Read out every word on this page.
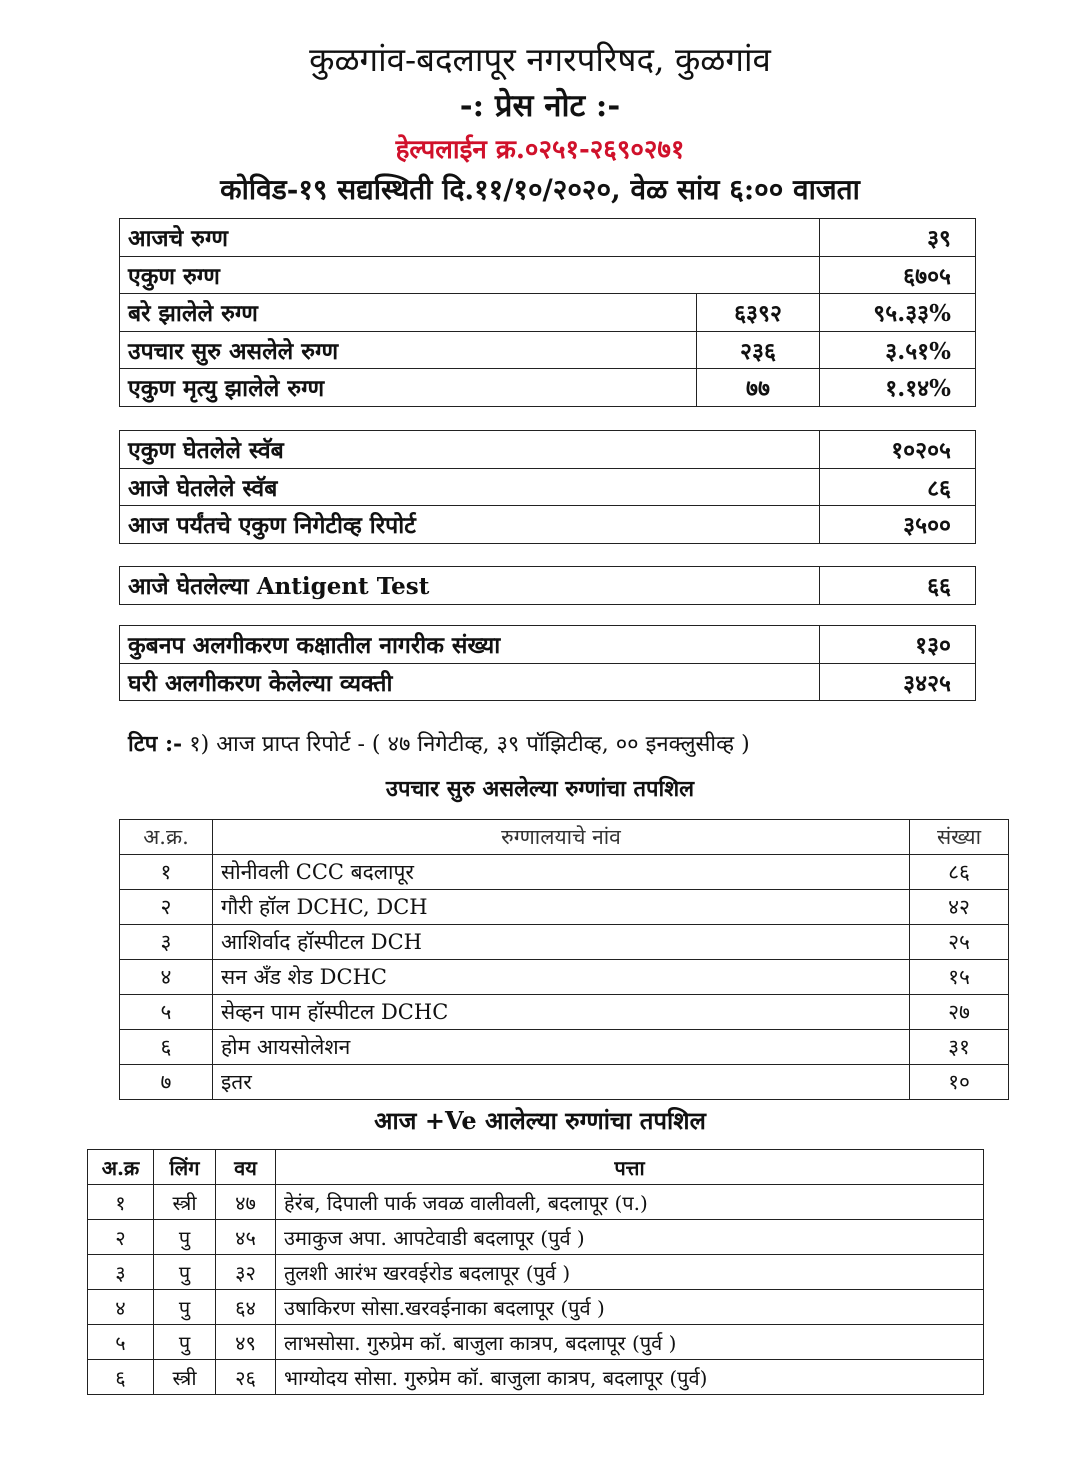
कुळगांव-बदलापूर नगरपरिषद, कुळगांव
-: प्रेस नोट :-
हेल्पलाईन क्र.०२५१-२६९०२७१
कोविड-१९ सद्यस्थिती दि.११/१०/२०२०, वेळ सांय ६:०० वाजता
आजचे रुग्ण		३९
एकुण रुग्ण		६७०५
बरे झालेले रुग्ण	६३९२	९५.३३%
उपचार सुरु असलेले रुग्ण	२३६	३.५१%
एकुण मृत्यु झालेले रुग्ण	७७	१.१४%
एकुण घेतलेले स्वॅब	१०२०५
आजे घेतलेले स्वॅब	८६
आज पर्यंतचे एकुण निगेटीव्ह रिपोर्ट	३५००
आजे घेतलेल्या Antigent Test	६६
कुबनप अलगीकरण कक्षातील नागरीक संख्या	१३०
घरी अलगीकरण केलेल्या व्यक्ती	३४२५
टिप :- १) आज प्राप्त रिपोर्ट - ( ४७ निगेटीव्ह, ३९ पॉझिटीव्ह, ०० इनक्लुसीव्ह )
उपचार सुरु असलेल्या रुग्णांचा तपशिल
अ.क्र.	रुग्णालयाचे नांव	संख्या
१	सोनीवली CCC बदलापूर	८६
२	गौरी हॉल DCHC, DCH	४२
३	आशिर्वाद हॉस्पीटल DCH	२५
४	सन अँड शेड DCHC	१५
५	सेव्हन पाम हॉस्पीटल DCHC	२७
६	होम आयसोलेशन	३१
७	इतर	१०
आज +Ve आलेल्या रुग्णांचा तपशिल
अ.क्र	लिंग	वय	पत्ता
१	स्त्री	४७	हेरंब, दिपाली पार्क जवळ वालीवली, बदलापूर (प.)
२	पु	४५	उमाकुज अपा. आपटेवाडी बदलापूर (पुर्व )
३	पु	३२	तुलशी आरंभ खरवईरोड बदलापूर (पुर्व )
४	पु	६४	उषाकिरण सोसा.खरवईनाका बदलापूर (पुर्व )
५	पु	४९	लाभसोसा. गुरुप्रेम कॉ. बाजुला कात्रप, बदलापूर (पुर्व )
६	स्त्री	२६	भाग्योदय सोसा. गुरुप्रेम कॉ. बाजुला कात्रप, बदलापूर (पुर्व)
